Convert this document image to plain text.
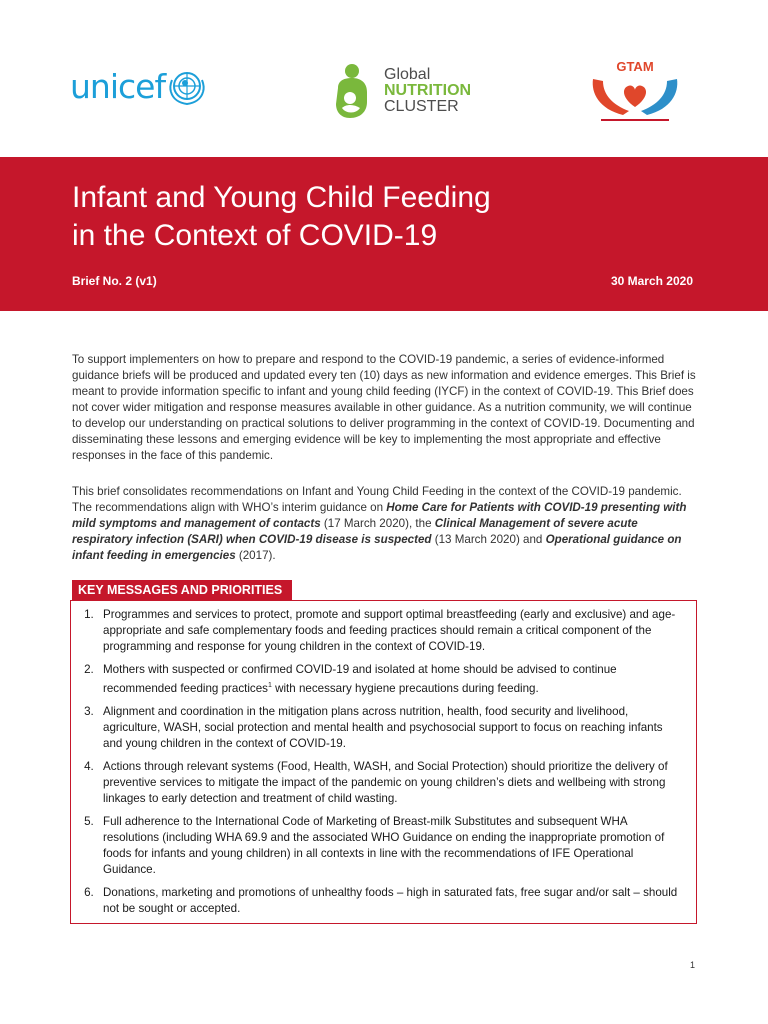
unicef	Global
NUTRITION
CLUSTER
GTAM
Infant and Young Child Feeding
in the Context of COVID-19
Brief No. 2 (v1)	30 March 2020

To support implementers on how to prepare and respond to the COVID-19 pandemic, a series of evidence-informed guidance briefs will be produced and updated every ten (10) days as new information and evidence emerges. This Brief is meant to provide information specific to infant and young child feeding (IYCF) in the context of COVID-19. This Brief does not cover wider mitigation and response measures available in other guidance. As a nutrition community, we will continue to develop our understanding on practical solutions to deliver programming in the context of COVID-19. Documenting and disseminating these lessons and emerging evidence will be key to implementing the most appropriate and effective responses in the face of this pandemic.

This brief consolidates recommendations on Infant and Young Child Feeding in the context of the COVID-19 pandemic. The recommendations align with WHO’s interim guidance on Home Care for Patients with COVID-19 presenting with mild symptoms and management of contacts (17 March 2020), the Clinical Management of severe acute respiratory infection (SARI) when COVID-19 disease is suspected (13 March 2020) and Operational guidance on infant feeding in emergencies (2017).

KEY MESSAGES AND PRIORITIES
1. Programmes and services to protect, promote and support optimal breastfeeding (early and exclusive) and age-appropriate and safe complementary foods and feeding practices should remain a critical component of the programming and response for young children in the context of COVID-19.
2. Mothers with suspected or confirmed COVID-19 and isolated at home should be advised to continue recommended feeding practices$^1$ with necessary hygiene precautions during feeding.
3. Alignment and coordination in the mitigation plans across nutrition, health, food security and livelihood, agriculture, WASH, social protection and mental health and psychosocial support to focus on reaching infants and young children in the context of COVID-19.
4. Actions through relevant systems (Food, Health, WASH, and Social Protection) should prioritize the delivery of preventive services to mitigate the impact of the pandemic on young children’s diets and wellbeing with strong linkages to early detection and treatment of child wasting.
5. Full adherence to the International Code of Marketing of Breast-milk Substitutes and subsequent WHA resolutions (including WHA 69.9 and the associated WHO Guidance on ending the inappropriate promotion of foods for infants and young children) in all contexts in line with the recommendations of IFE Operational Guidance.
6. Donations, marketing and promotions of unhealthy foods – high in saturated fats, free sugar and/or salt – should not be sought or accepted.
1
